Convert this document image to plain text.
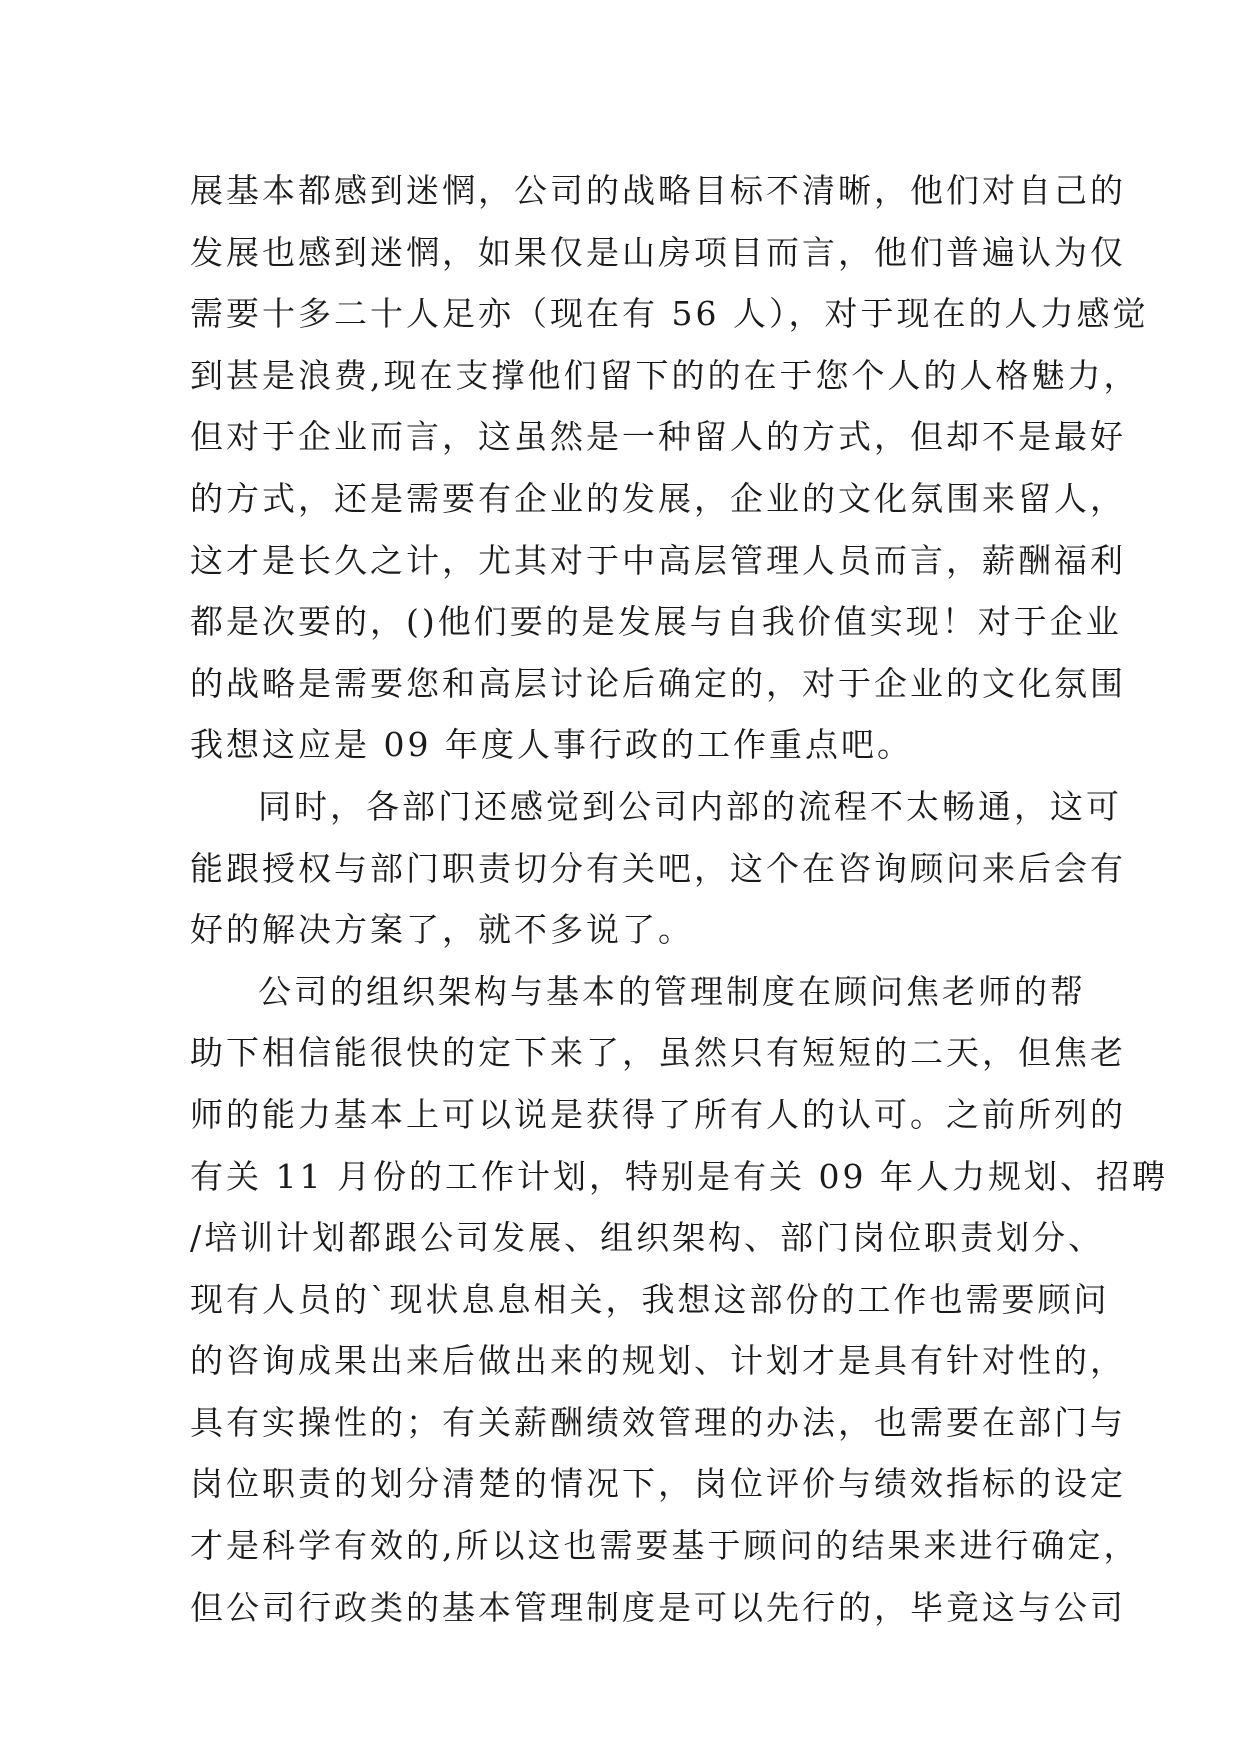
展基本都感到迷惘，公司的战略目标不清晰，他们对自己的
发展也感到迷惘，如果仅是山房项目而言，他们普遍认为仅
需要十多二十人足亦（现在有 56 人），对于现在的人力感觉
到甚是浪费,现在支撑他们留下的的在于您个人的人格魅力，
但对于企业而言，这虽然是一种留人的方式，但却不是最好
的方式，还是需要有企业的发展，企业的文化氛围来留人，
这才是长久之计，尤其对于中高层管理人员而言，薪酬福利
都是次要的，()他们要的是发展与自我价值实现！对于企业
的战略是需要您和高层讨论后确定的，对于企业的文化氛围
我想这应是 09 年度人事行政的工作重点吧。
同时，各部门还感觉到公司内部的流程不太畅通，这可
能跟授权与部门职责切分有关吧，这个在咨询顾问来后会有
好的解决方案了，就不多说了。
公司的组织架构与基本的管理制度在顾问焦老师的帮
助下相信能很快的定下来了，虽然只有短短的二天，但焦老
师的能力基本上可以说是获得了所有人的认可。之前所列的
有关 11 月份的工作计划，特别是有关 09 年人力规划、招聘
/培训计划都跟公司发展、组织架构、部门岗位职责划分、
现有人员的`现状息息相关，我想这部份的工作也需要顾问
的咨询成果出来后做出来的规划、计划才是具有针对性的，
具有实操性的；有关薪酬绩效管理的办法，也需要在部门与
岗位职责的划分清楚的情况下，岗位评价与绩效指标的设定
才是科学有效的,所以这也需要基于顾问的结果来进行确定，
但公司行政类的基本管理制度是可以先行的，毕竟这与公司
